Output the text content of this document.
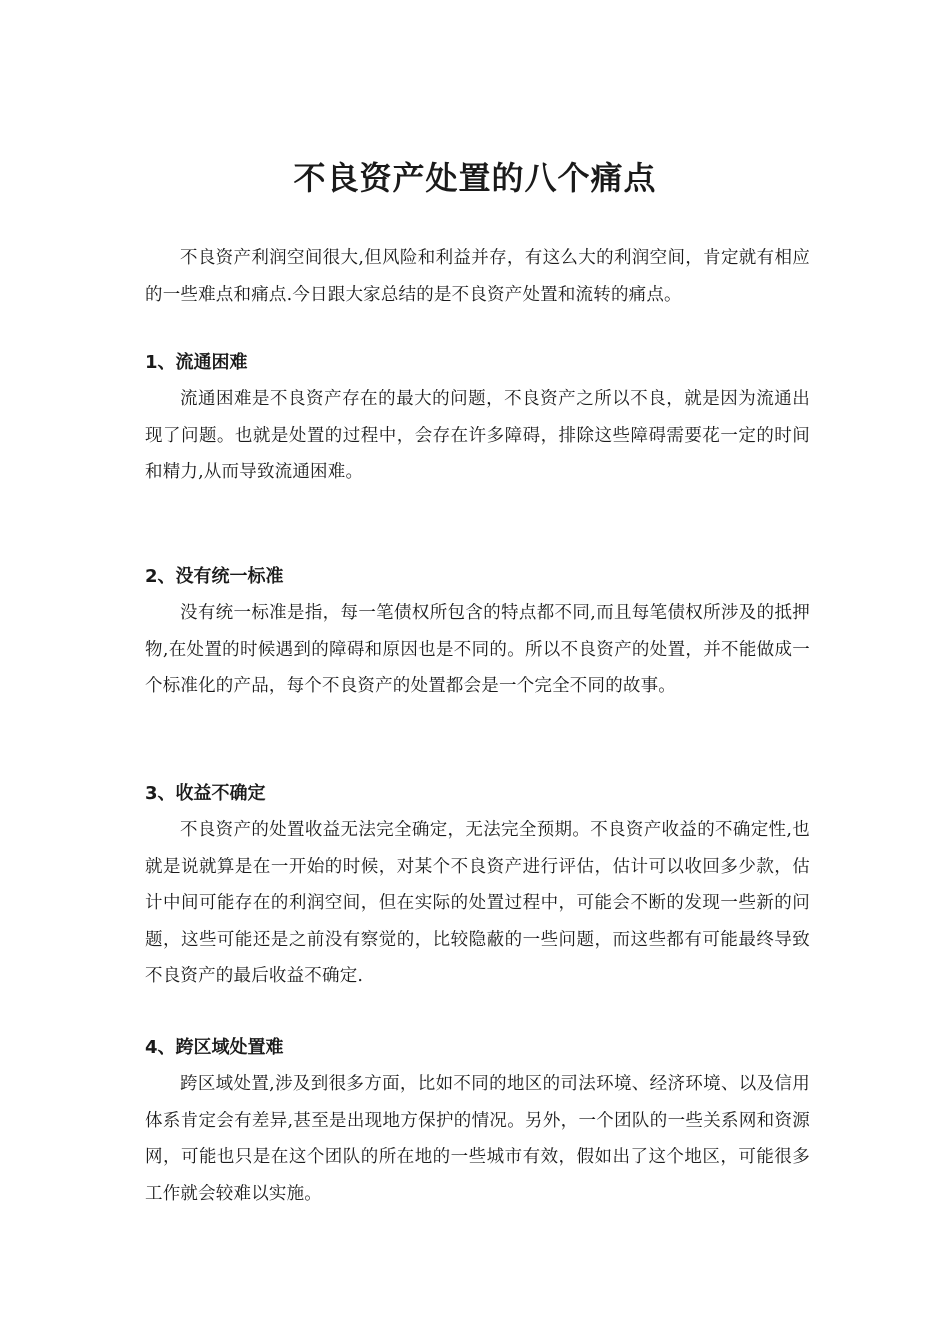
不良资产处置的八个痛点

不良资产利润空间很大,但风险和利益并存，有这么大的利润空间，肯定就有相应的一些难点和痛点.今日跟大家总结的是不良资产处置和流转的痛点。

1、流通困难

流通困难是不良资产存在的最大的问题，不良资产之所以不良，就是因为流通出现了问题。也就是处置的过程中，会存在许多障碍，排除这些障碍需要花一定的时间和精力,从而导致流通困难。

2、没有统一标准

没有统一标准是指，每一笔债权所包含的特点都不同,而且每笔债权所涉及的抵押物,在处置的时候遇到的障碍和原因也是不同的。所以不良资产的处置，并不能做成一个标准化的产品，每个不良资产的处置都会是一个完全不同的故事。

3、收益不确定

不良资产的处置收益无法完全确定，无法完全预期。不良资产收益的不确定性,也就是说就算是在一开始的时候，对某个不良资产进行评估，估计可以收回多少款，估计中间可能存在的利润空间，但在实际的处置过程中，可能会不断的发现一些新的问题，这些可能还是之前没有察觉的，比较隐蔽的一些问题，而这些都有可能最终导致不良资产的最后收益不确定.

4、跨区域处置难

跨区域处置,涉及到很多方面，比如不同的地区的司法环境、经济环境、以及信用体系肯定会有差异,甚至是出现地方保护的情况。另外，一个团队的一些关系网和资源网，可能也只是在这个团队的所在地的一些城市有效，假如出了这个地区，可能很多工作就会较难以实施。
